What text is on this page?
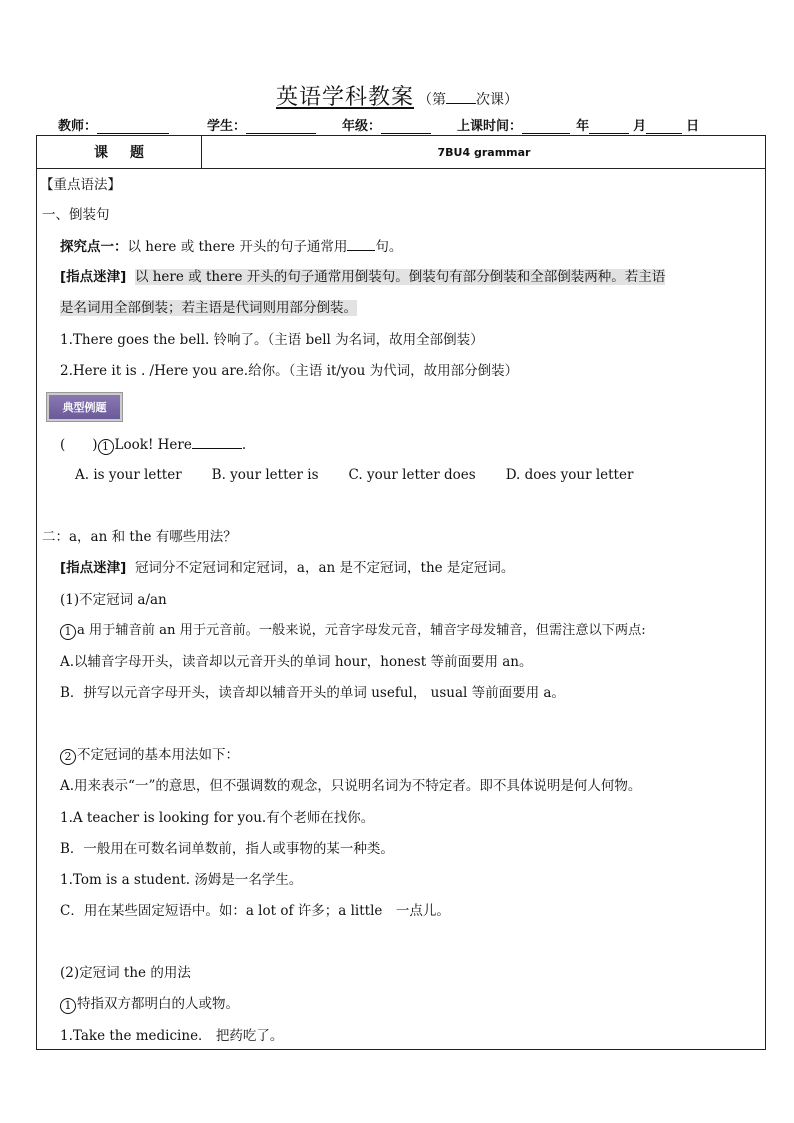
英语学科教案 （第 次课）
教师：	学生：	年级：	上课时间：	年	月	日
课题	7BU4 grammar
【重点语法】
一、倒装句
探究点一：以 here 或 there 开头的句子通常用 句。
[指点迷津] 以 here 或 there 开头的句子通常用倒装句。倒装句有部分倒装和全部倒装两种。若主语
是名词用全部倒装；若主语是代词则用部分倒装。
1.There goes the bell. 铃响了。（主语 bell 为名词，故用全部倒装）
2.Here it is . /Here you are.给你。（主语 it/you 为代词，故用部分倒装）
典型例题
(　　) 1 Look! Here	.
A. is your letter B. your letter is C. your letter does D. does your letter
二：a，an 和 the 有哪些用法？
[指点迷津] 冠词分不定冠词和定冠词，a，an 是不定冠词，the 是定冠词。
(1)不定冠词 a/an
1 a 用于辅音前 an 用于元音前。一般来说，元音字母发元音，辅音字母发辅音，但需注意以下两点:
A.以辅音字母开头，读音却以元音开头的单词 hour，honest 等前面要用 an。
B．拼写以元音字母开头，读音却以辅音开头的单词 useful， usual 等前面要用 a。
2 不定冠词的基本用法如下：
A.用来表示“一”的意思，但不强调数的观念，只说明名词为不特定者。即不具体说明是何人何物。
1.A teacher is looking for you.有个老师在找你。
B．一般用在可数名词单数前，指人或事物的某一种类。
1.Tom is a student. 汤姆是一名学生。
C．用在某些固定短语中。如：a lot of 许多；a little　一点儿。
(2)定冠词 the 的用法
1 特指双方都明白的人或物。
1.Take the medicine． 把药吃了。
